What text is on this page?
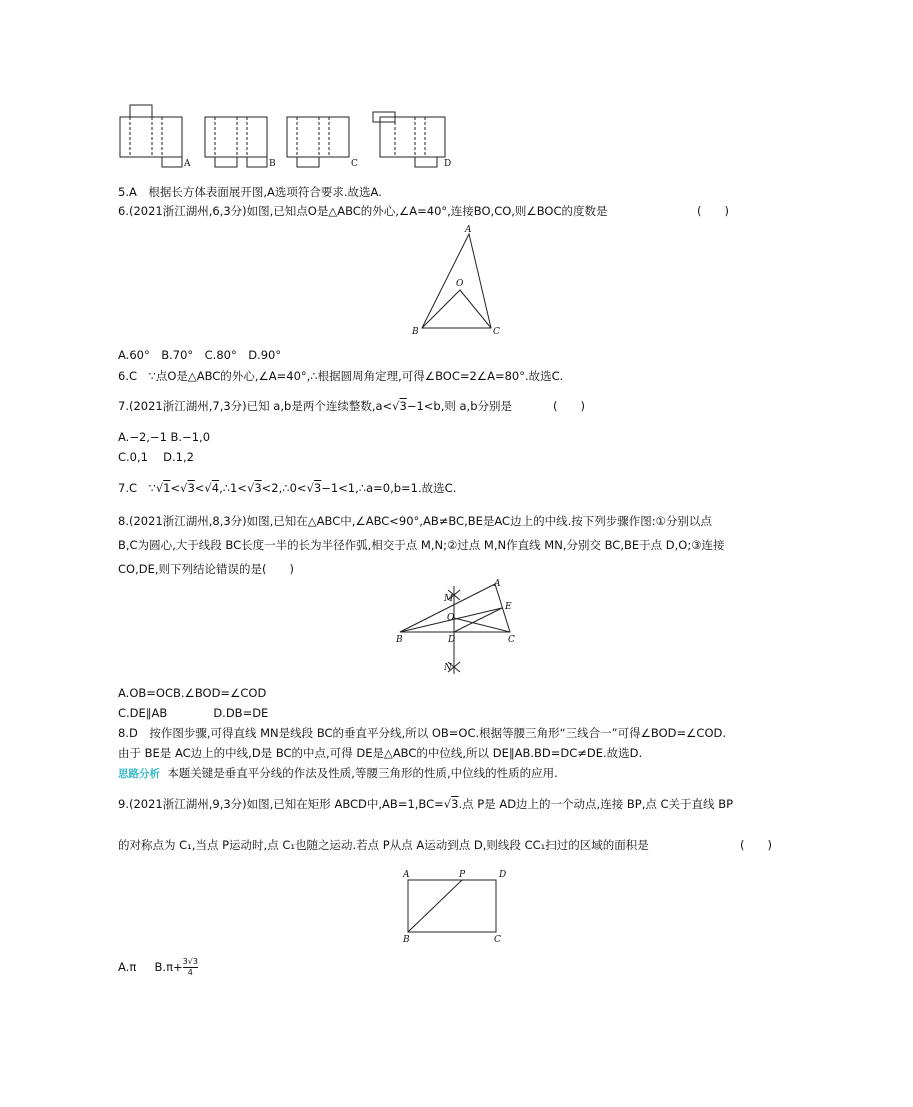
A	B	C	D
5.A　根据长方体表面展开图,A选项符合要求.故选A.
6.(2021浙江湖州,6,3分)如图,已知点O是△ABC的外心,∠A=40°,连接BO,CO,则∠BOC的度数是	(　　)
A
O
B	C
A.60°　B.70°　C.80°　D.90°
6.C　∵点O是△ABC的外心,∠A=40°,∴根据圆周角定理,可得∠BOC=2∠A=80°.故选C.
7.(2021浙江湖州,7,3分)已知 a,b是两个连续整数,a<√3−1<b,则 a,b分别是	(　　)
A.−2,−1 B.−1,0
C.0,1　 D.1,2
7.C　∵√1<√3<√4,∴1<√3<2,∴0<√3−1<1,∴a=0,b=1.故选C.
8.(2021浙江湖州,8,3分)如图,已知在△ABC中,∠ABC<90°,AB≠BC,BE是AC边上的中线.按下列步骤作图:①分别以点
B,C为圆心,大于线段 BC长度一半的长为半径作弧,相交于点 M,N;②过点 M,N作直线 MN,分别交 BC,BE于点 D,O;③连接
CO,DE,则下列结论错误的是(　　)
A
M
E
O
B	D	C
N
A.OB=OCB.∠BOD=∠COD
C.DE∥AB　　　　D.DB=DE
8.D　按作图步骤,可得直线 MN是线段 BC的垂直平分线,所以 OB=OC.根据等腰三角形“三线合一”可得∠BOD=∠COD.
由于 BE是 AC边上的中线,D是 BC的中点,可得 DE是△ABC的中位线,所以 DE∥AB.BD=DC≠DE.故选D.
思路分析 本题关键是垂直平分线的作法及性质,等腰三角形的性质,中位线的性质的应用.
9.(2021浙江湖州,9,3分)如图,已知在矩形 ABCD中,AB=1,BC=√3.点 P是 AD边上的一个动点,连接 BP,点 C关于直线 BP
的对称点为 C₁,当点 P运动时,点 C₁也随之运动.若点 P从点 A运动到点 D,则线段 CC₁扫过的区域的面积是	(　　)
A	P	D
B	C
A.π $B.\pi+ \frac{3√3}{4}$
